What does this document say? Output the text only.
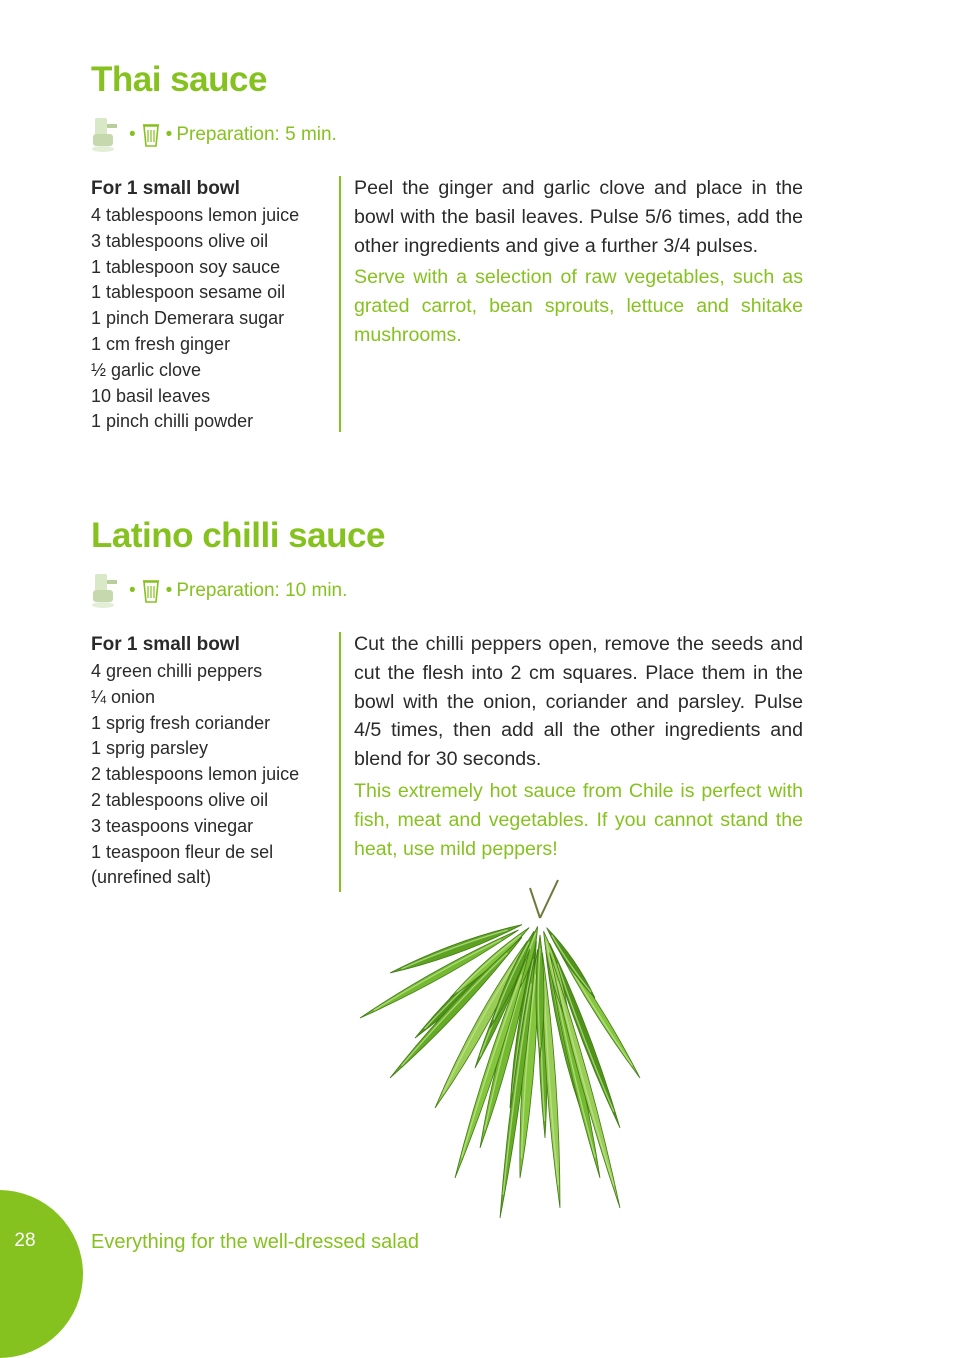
Thai sauce
• • Preparation: 5 min.
For 1 small bowl
4 tablespoons lemon juice
3 tablespoons olive oil
1 tablespoon soy sauce
1 tablespoon sesame oil
1 pinch Demerara sugar
1 cm fresh ginger
½ garlic clove
10 basil leaves
1 pinch chilli powder

Peel the ginger and garlic clove and place in the bowl with the basil leaves. Pulse 5/6 times, add the other ingredients and give a further 3/4 pulses.

Serve with a selection of raw vegetables, such as grated carrot, bean sprouts, lettuce and shitake mushrooms.

Latino chilli sauce
• • Preparation: 10 min.
For 1 small bowl
4 green chilli peppers
¼ onion
1 sprig fresh coriander
1 sprig parsley
2 tablespoons lemon juice
2 tablespoons olive oil
3 teaspoons vinegar
1 teaspoon fleur de sel
(unrefined salt)

Cut the chilli peppers open, remove the seeds and cut the flesh into 2 cm squares. Place them in the bowl with the onion, coriander and parsley. Pulse 4/5 times, then add all the other ingredients and blend for 30 seconds.

This extremely hot sauce from Chile is perfect with fish, meat and vegetables. If you cannot stand the heat, use mild peppers!

28	Everything for the well-dressed salad
